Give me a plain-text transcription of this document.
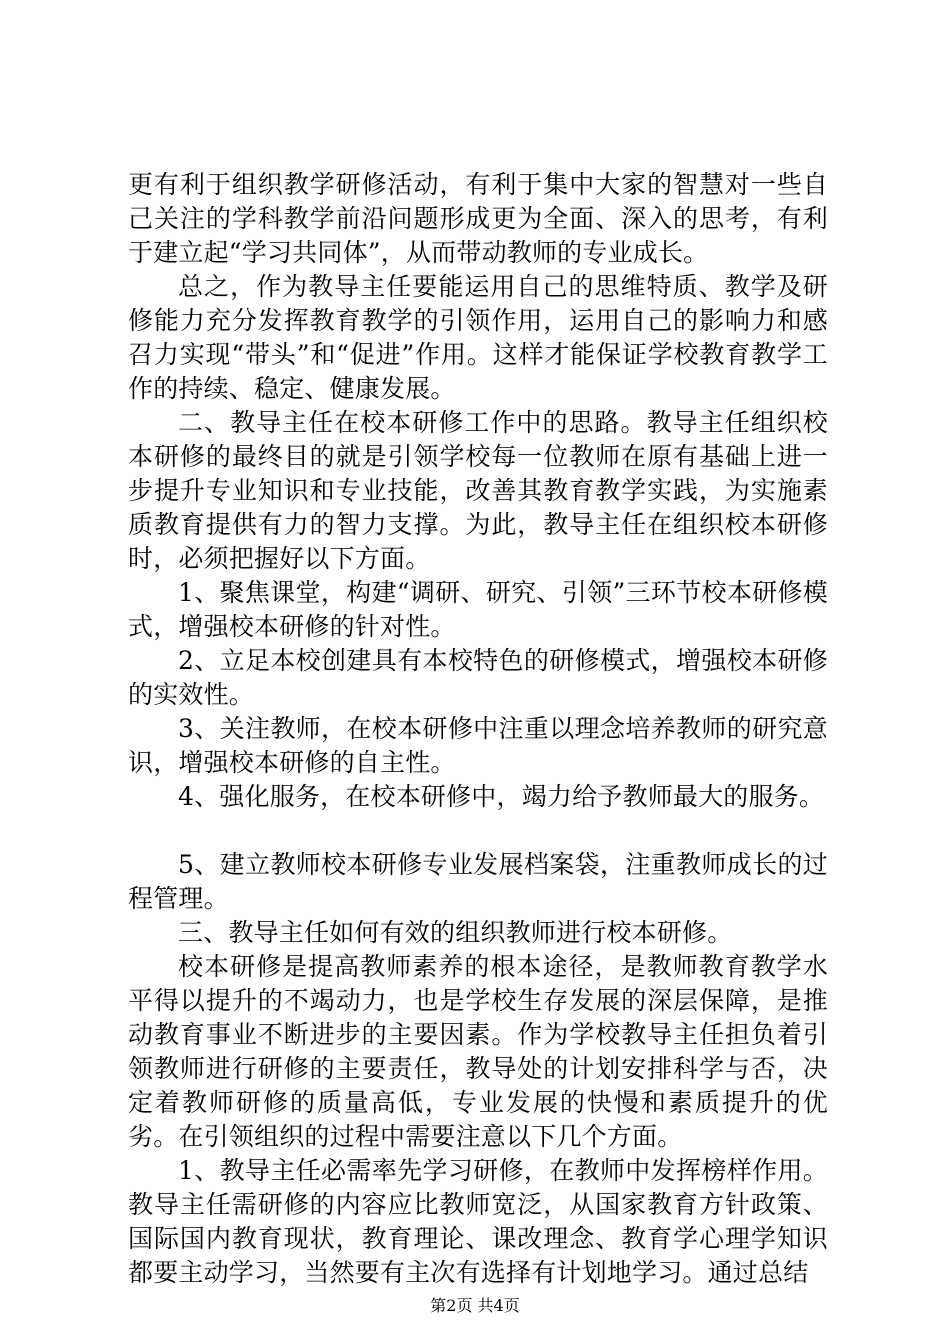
更有利于组织教学研修活动，有利于集中大家的智慧对一些自己关注的学科教学前沿问题形成更为全面、深入的思考，有利于建立起“学习共同体”，从而带动教师的专业成长。

总之，作为教导主任要能运用自己的思维特质、教学及研修能力充分发挥教育教学的引领作用，运用自己的影响力和感召力实现“带头”和“促进”作用。这样才能保证学校教育教学工作的持续、稳定、健康发展。

二、教导主任在校本研修工作中的思路。教导主任组织校本研修的最终目的就是引领学校每一位教师在原有基础上进一步提升专业知识和专业技能，改善其教育教学实践，为实施素质教育提供有力的智力支撑。为此，教导主任在组织校本研修时，必须把握好以下方面。

1、聚焦课堂，构建“调研、研究、引领”三环节校本研修模式，增强校本研修的针对性。

2、立足本校创建具有本校特色的研修模式，增强校本研修的实效性。

3、关注教师，在校本研修中注重以理念培养教师的研究意识，增强校本研修的自主性。

4、强化服务，在校本研修中，竭力给予教师最大的服务。

5、建立教师校本研修专业发展档案袋，注重教师成长的过程管理。

三、教导主任如何有效的组织教师进行校本研修。

校本研修是提高教师素养的根本途径，是教师教育教学水平得以提升的不竭动力，也是学校生存发展的深层保障，是推动教育事业不断进步的主要因素。作为学校教导主任担负着引领教师进行研修的主要责任，教导处的计划安排科学与否，决定着教师研修的质量高低，专业发展的快慢和素质提升的优劣。在引领组织的过程中需要注意以下几个方面。

1、教导主任必需率先学习研修，在教师中发挥榜样作用。教导主任需研修的内容应比教师宽泛，从国家教育方针政策、国际国内教育现状，教育理论、课改理念、教育学心理学知识都要主动学习，当然要有主次有选择有计划地学习。通过总结

第2页 共4页
